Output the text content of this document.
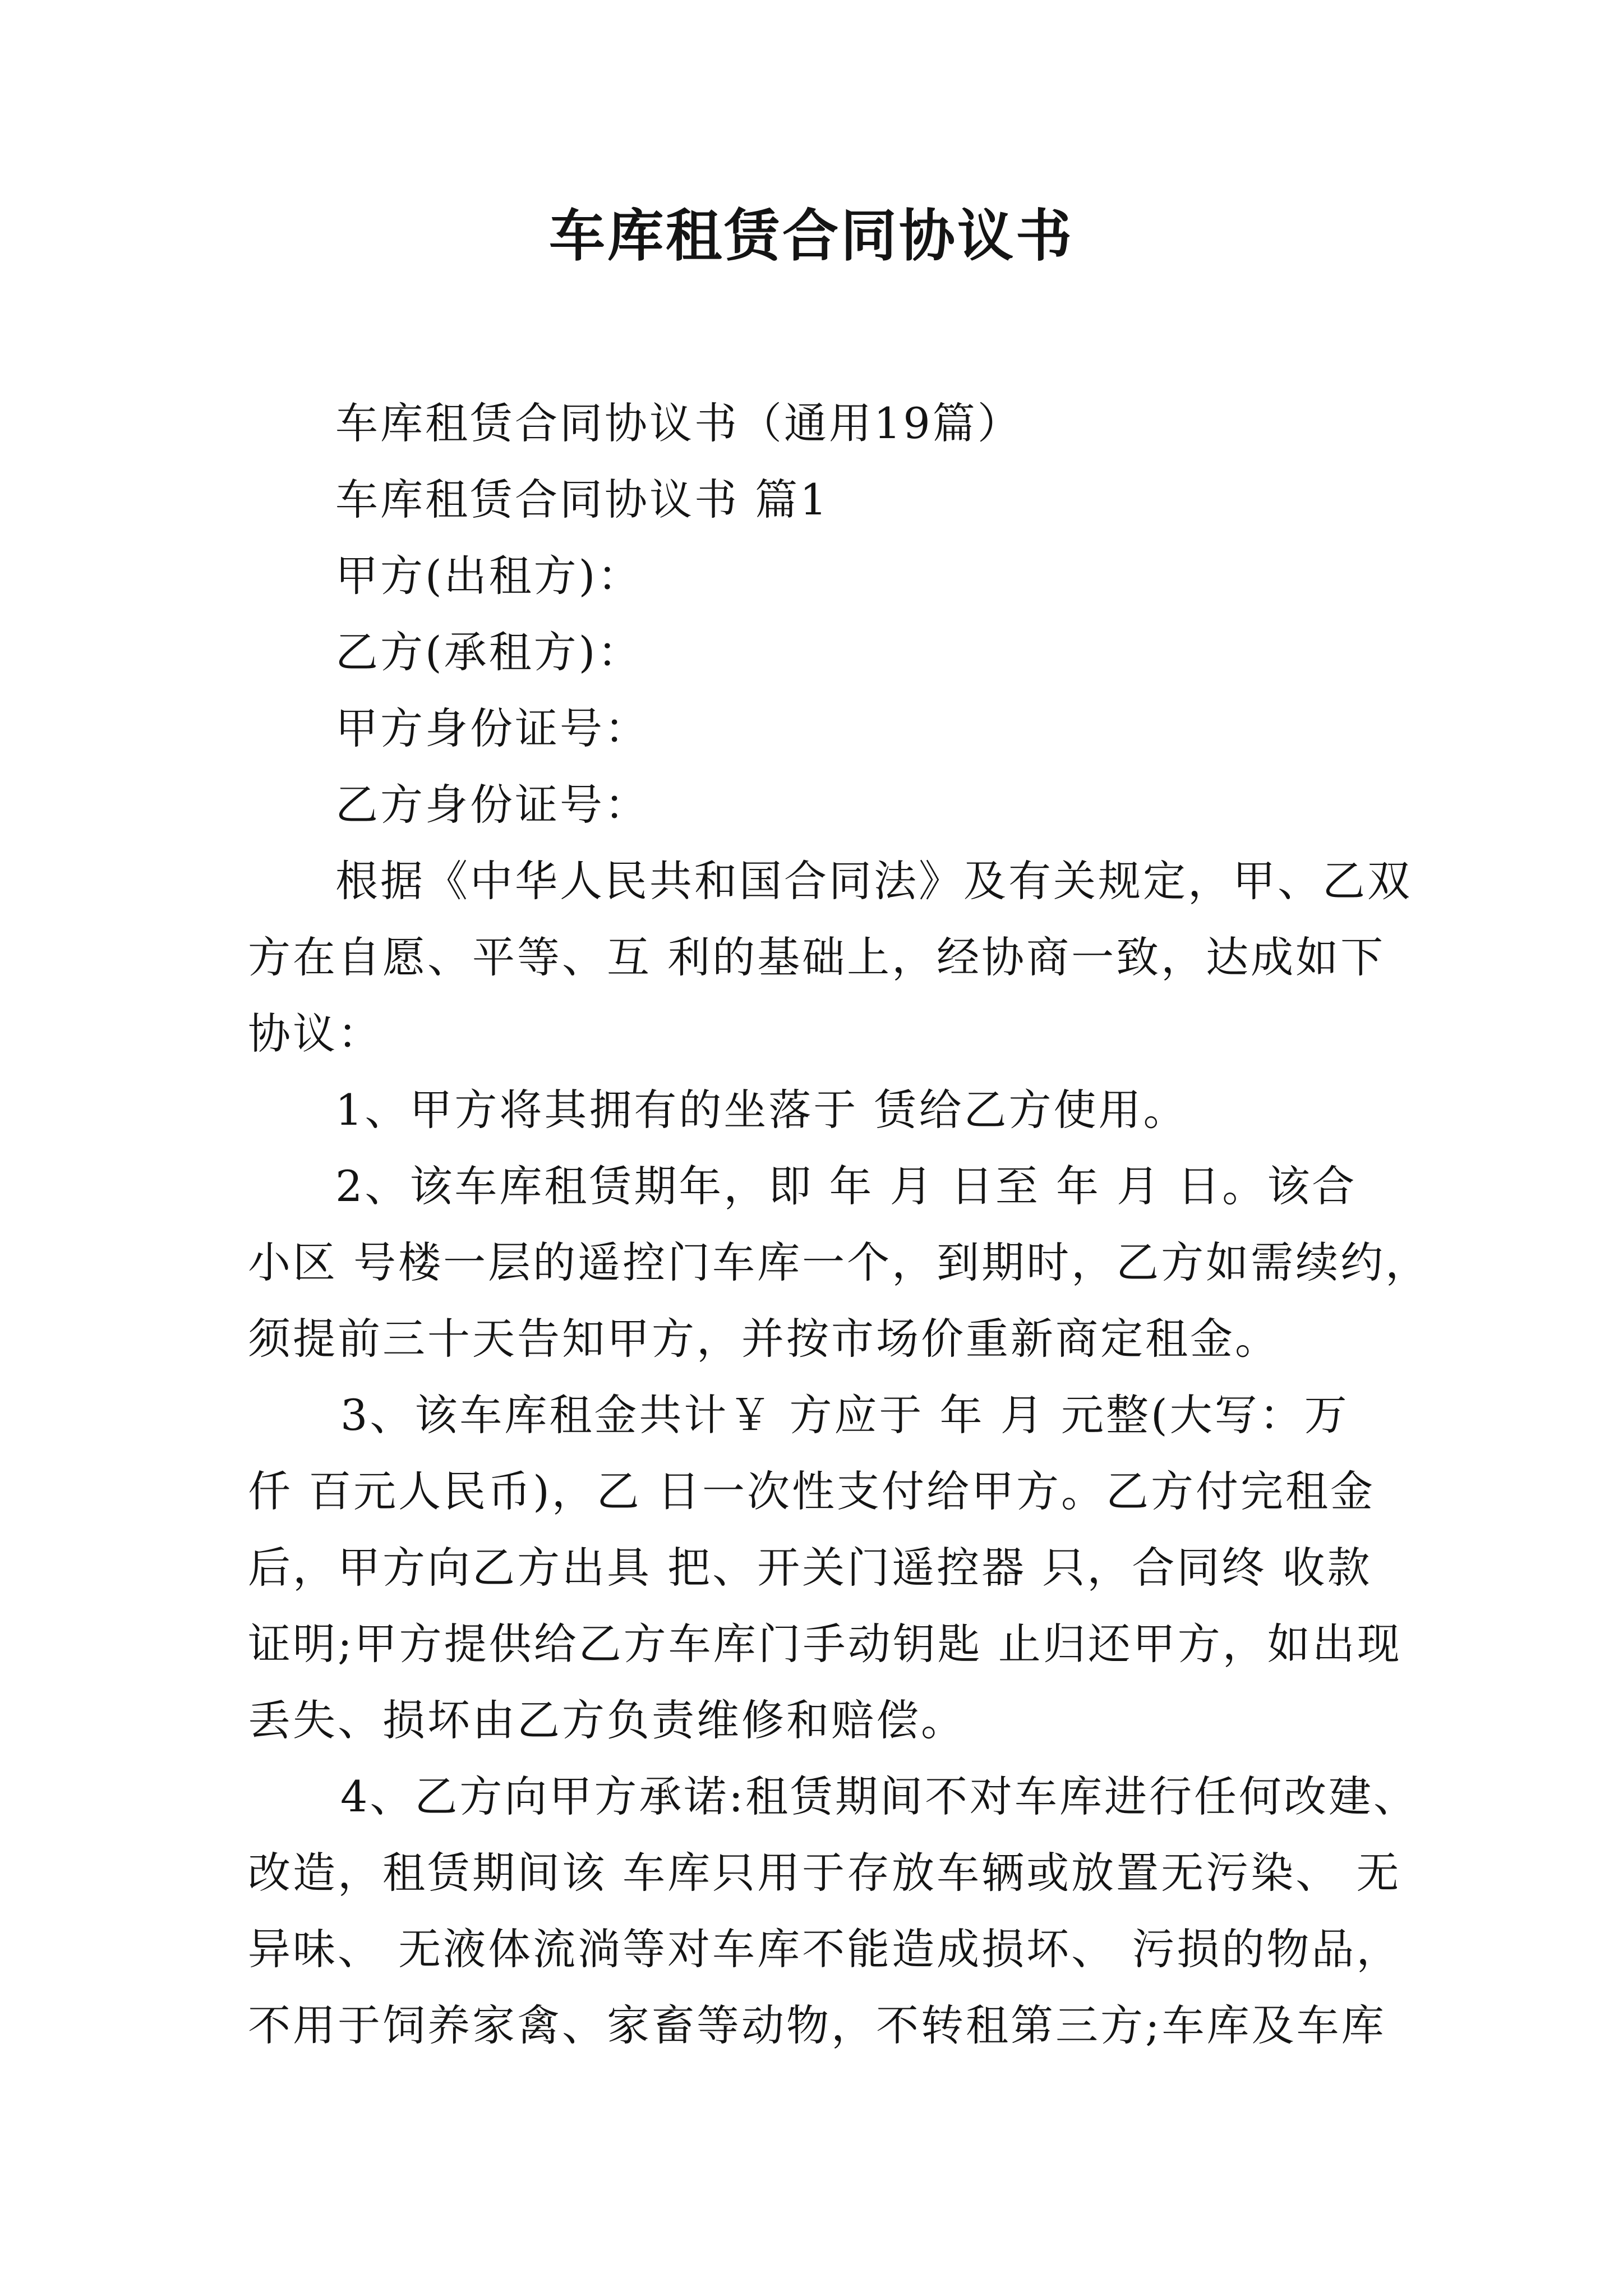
车库租赁合同协议书

车库租赁合同协议书（通用19篇）

车库租赁合同协议书 篇1

甲方(出租方)：

乙方(承租方)：

甲方身份证号：

乙方身份证号：

根据《中华人民共和国合同法》及有关规定，甲、乙双

方在自愿、平等、互 利的基础上，经协商一致，达成如下

协议：

1、甲方将其拥有的坐落于 赁给乙方使用。

2、该车库租赁期年，即 年 月 日至 年 月 日。该合

小区 号楼一层的遥控门车库一个，到期时，乙方如需续约，

须提前三十天告知甲方，并按市场价重新商定租金。

3、该车库租金共计￥ 方应于 年 月 元整(大写：万

仟 百元人民币)，乙 日一次性支付给甲方。乙方付完租金

后，甲方向乙方出具 把、开关门遥控器 只，合同终 收款

证明;甲方提供给乙方车库门手动钥匙 止归还甲方，如出现

丢失、损坏由乙方负责维修和赔偿。

4、乙方向甲方承诺:租赁期间不对车库进行任何改建、

改造，租赁期间该 车库只用于存放车辆或放置无污染、 无

异味、 无液体流淌等对车库不能造成损坏、 污损的物品，

不用于饲养家禽、家畜等动物，不转租第三方;车库及车库
